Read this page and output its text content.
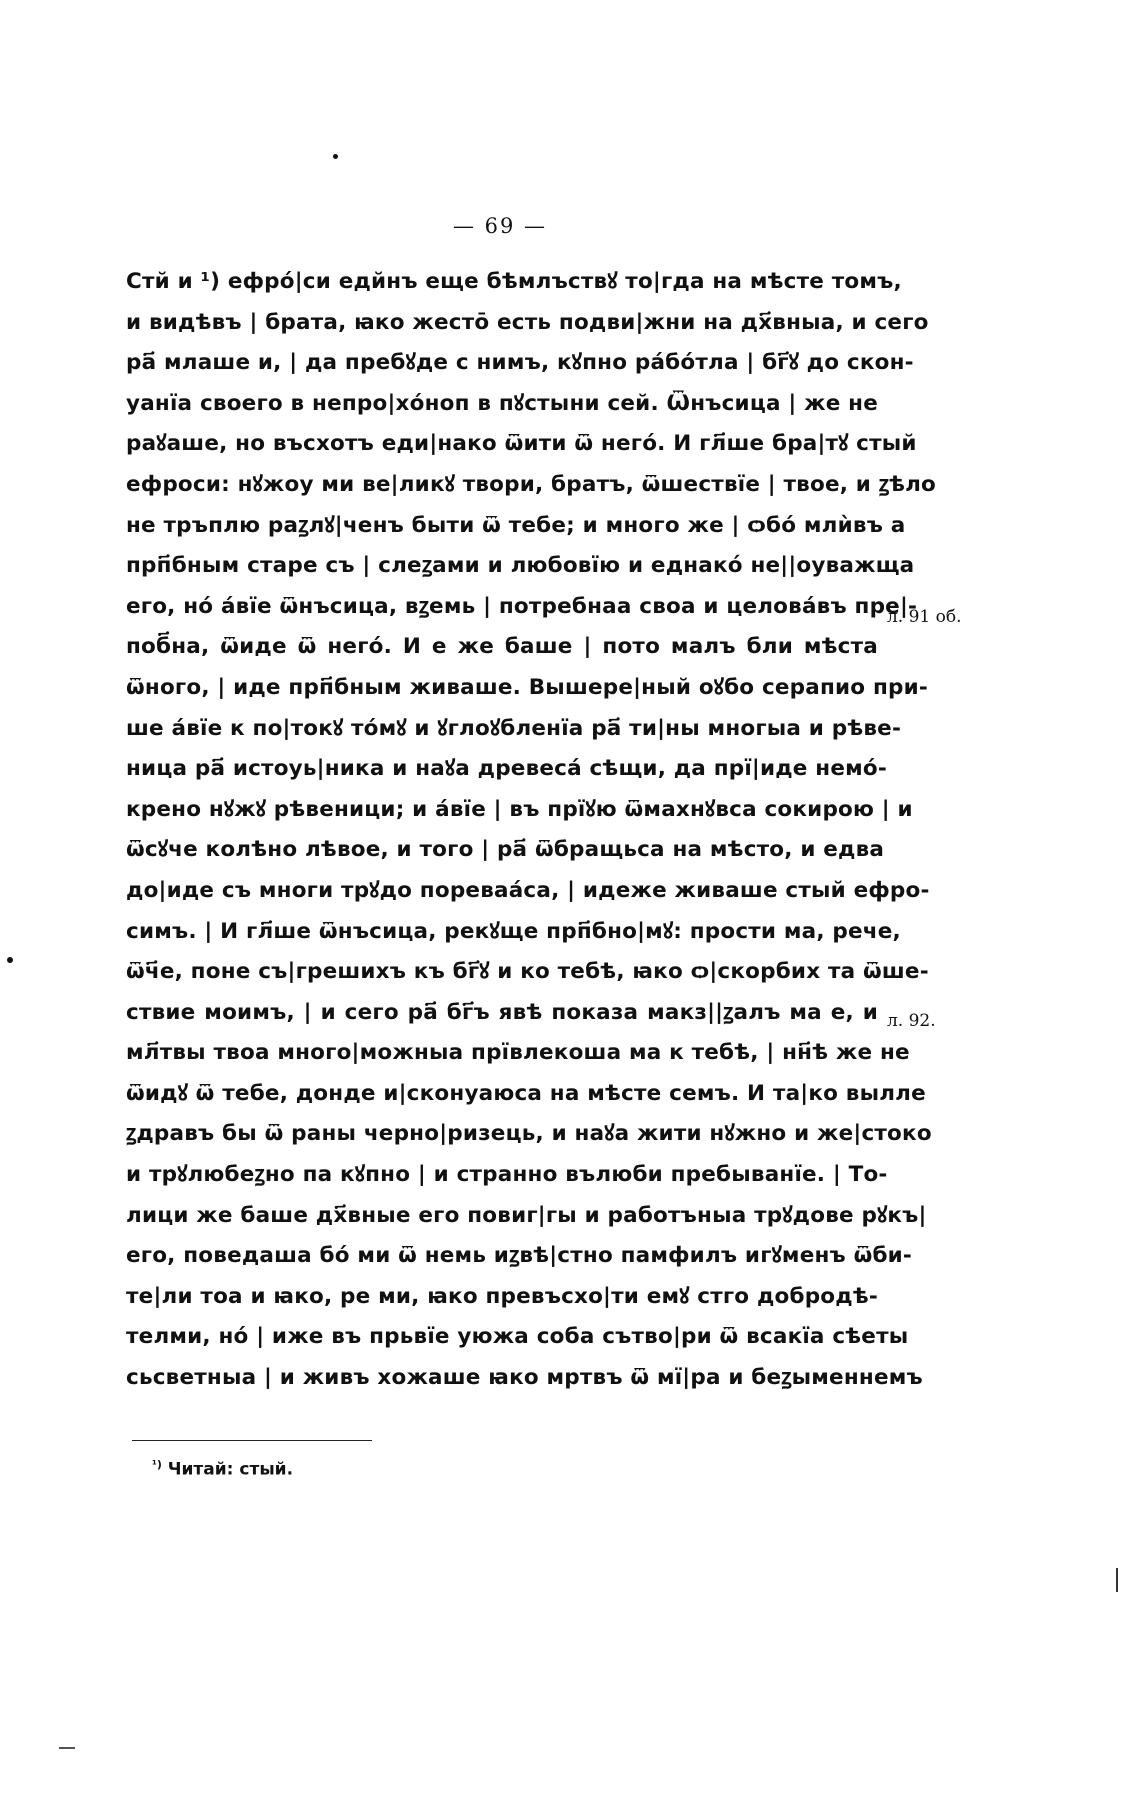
— 69 —
Стй и ¹) ефро́|си едйнъ еще бѣмлъствꙋ то|гда на мѣсте томъ,
и видѣвъ | брата, ꙗко жестō есть подви|жни на дх҃вныа, и сего
ра҃ млаше и, | да пребꙋде с нимъ, кꙋпно ра́бо́тла | бг҃ꙋ до скон-
уанїа своего в непро|хо́ноп в пꙋстыни сей. Ѿнъсица | же не
раꙋаше, но въсхотъ еди|нако ѿити ѿ него́. И гл҃ше бра|тꙋ стый
ефроси: нꙋжоу ми ве|ликꙋ твори, братъ, ѿшествїе | твое, и ꙁѣло
не тръплю раꙁлꙋ|ченъ быти ѿ тебе; и много же | ѻбо́ млѝвъ а
прп҃бным старе съ | слеꙁами и любовїю и еднакó не||оуважща
его, но́ а́вїе ѿнъсица, вꙁемь | потребнаа своа и целова́въ пре|-
поб҃на, ѿиде ѿ него́. И е же баше | пото малъ бли мѣста
ѿного, | иде прп҃бным живаше. Вышере|ный оꙋбо серапио при-
ше а́вїе к по|токꙋ то́мꙋ и ꙋглоꙋбленїа ра҃ ти|ны многыа и рѣве-
ница ра҃ истоуь|ника и наꙋа древеса́ сѣщи, да прї|иде немо́-
крено нꙋжꙋ рѣвеници; и а́вїе | въ прїꙋю ѿмахнꙋвса сокирою | и
ѿсꙋче колѣно лѣвое, и того | ра҃ ѿбращьса на мѣсто, и едва
до|иде съ многи трꙋдо пореваа́са, | идеже живаше стый ефро-
симъ. | И гл҃ше ѿнъсица, рекꙋще прп҃бно|мꙋ: прости ма, рече,
ѿч҃е, поне съ|грешихъ къ бг҃ꙋ и ко тебѣ, ꙗко ѻ|скорбих та ѿше-
ствие моимъ, | и сего ра҃ бг҃ъ явѣ показа макз||ꙁалъ ма е, и
мл҃твы твоа много|можныа прївлекоша ма к тебѣ, | нн҃ѣ же не
ѿидꙋ ѿ тебе, донде и|сконуаюса на мѣсте семъ. И та|ко вылле
ꙁдравъ бы ѿ раны черно|ризець, и наꙋа жити нꙋжно и же|стоко
и трꙋлюбеꙁно па кꙋпно | и странно вълюби пребыванїе. | То-
лици же баше дх҃вные его повиг|гы и работъныа трꙋдове рꙋкъ|
его, поведаша бо́ ми ѿ немь иꙁвѣ|стно памфилъ игꙋменъ ѿби-
те|ли тоа и ꙗко, ре ми, ꙗко превъсхо|ти емꙋ стго добродѣ-
телми, но́ | иже въ прьвїе уюжа соба сътво|ри ѿ всакїа сѣеты
сьсветныа | и живъ хожаше ꙗко мртвъ ѿ мї|ра и беꙁыменнемъ
л. 91 об.
л. 92.
$^{^1)}$ Читай: стый.
